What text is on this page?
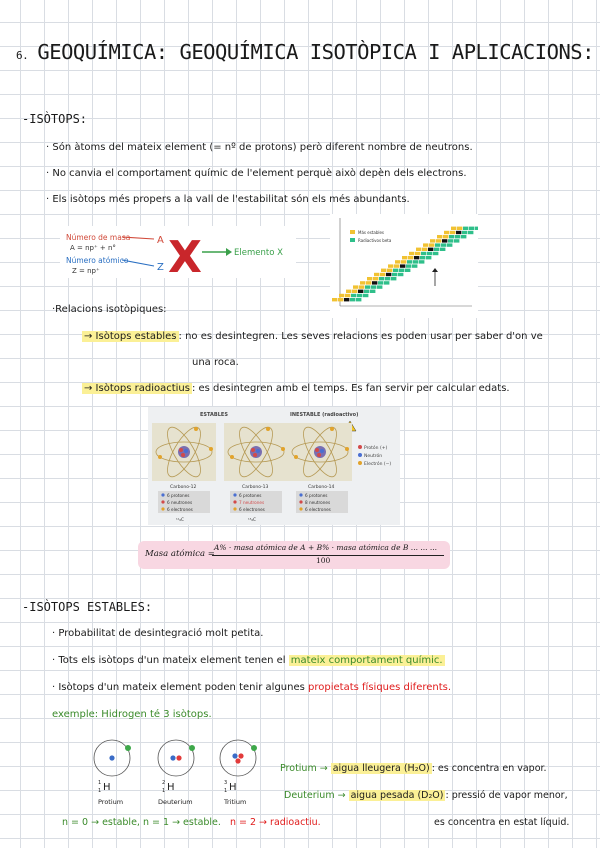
6. GEOQUÍMICA: GEOQUÍMICA ISOTÒPICA I APLICACIONS:
-ISÒTOPS:
· Són àtoms del mateix element (= nº de protons) però diferent nombre de neutrons.
· No canvia el comportament químic de l'element perquè això depèn dels electrons.
· Els isòtops més propers a la vall de l'estabilitat són els més abundants.
Número de masa
A = np⁺ + n°
Número atómico
Z = np⁺
A
Z X	Elemento X
Más estables
Radiactivos beta
·Relacions isotòpiques:
→ Isòtops estables : no es desintegren. Les seves relacions es poden usar per saber d'on ve
una roca.
→ Isòtops radioactius : es desintegren amb el temps. Es fan servir per calcular edats.
ESTABLES	INESTABLE (radioactivo)
Protón (+)
Neutrón
Electrón (−)
Carbono-12
6 protones
6 neutrones
6 electrones
¹²₆C
Carbono-13
6 protones
7 neutrones
6 electrones
¹³₆C
Carbono-14
6 protones
8 neutrones
6 electrones
Masa atómica =
A% · masa atómica de A + B% · masa atómica de B ... ... ...
100
-ISÒTOPS ESTABLES:
· Probabilitat de desintegració molt petita.
· Tots els isòtops d'un mateix element tenen el mateix comportament químic.
· Isòtops d'un mateix element poden tenir algunes propietats físiques diferents.
exemple: Hidrogen té 3 isòtops.
H
1
1
Protium
H
2
1
Deuterium
H
3
1
Tritium
Protium → aigua lleugera (H₂O) : es concentra en vapor.
Deuterium → aigua pesada (D₂O) : pressió de vapor menor,
es concentra en estat líquid.
n = 0 → estable, n = 1 → estable. n = 2 → radioactiu.
